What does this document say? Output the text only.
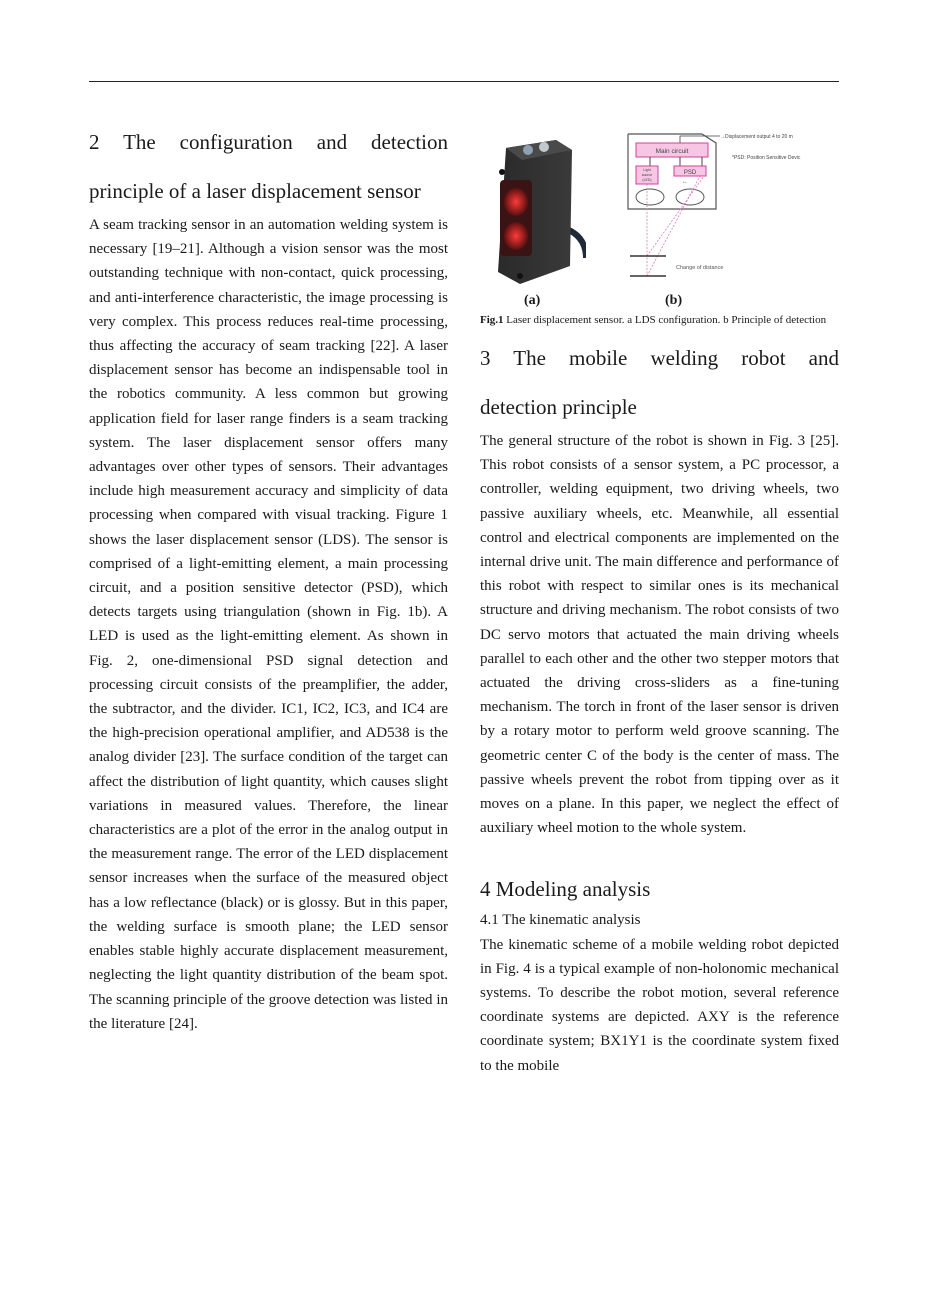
2 The configuration and detection
principle of a laser displacement sensor

A seam tracking sensor in an automation welding system is necessary [19–21]. Although a vision sensor was the most outstanding technique with non-contact, quick processing, and anti-interference characteristic, the image processing is very complex. This process reduces real-time processing, thus affecting the accuracy of seam tracking [22]. A laser displacement sensor has become an indispensable tool in the robotics community. A less common but growing application field for laser range finders is a seam tracking system. The laser displacement sensor offers many advantages over other types of sensors. Their advantages include high measurement accuracy and simplicity of data processing when compared with visual tracking. Figure 1 shows the laser displacement sensor (LDS). The sensor is comprised of a light-emitting element, a main processing circuit, and a position sensitive detector (PSD), which detects targets using triangulation (shown in Fig. 1b). A LED is used as the light-emitting element. As shown in Fig. 2, one-dimensional PSD signal detection and processing circuit consists of the preamplifier, the adder, the subtractor, and the divider. IC1, IC2, IC3, and IC4 are the high-precision operational amplifier, and AD538 is the analog divider [23]. The surface condition of the target can affect the distribution of light quantity, which causes slight variations in measured values. Therefore, the linear characteristics are a plot of the error in the analog output in the measurement range. The error of the LED displacement sensor increases when the surface of the measured object has a low reflectance (black) or is glossy. But in this paper, the welding surface is smooth plane; the LED sensor enables stable highly accurate displacement measurement, neglecting the light quantity distribution of the beam spot. The scanning principle of the groove detection was listed in the literature [24].

(a)
Main circuit
Light
source
(LED)
PSD
←
→Displacement output 4 to 20 m
*PSD: Position Sensitive Devic
Change of distance
(b)

Fig.1 Laser displacement sensor. a LDS configuration. b Principle of detection

3 The mobile welding robot and
detection principle

The general structure of the robot is shown in Fig. 3 [25]. This robot consists of a sensor system, a PC processor, a controller, welding equipment, two driving wheels, two passive auxiliary wheels, etc. Meanwhile, all essential control and electrical components are implemented on the internal drive unit. The main difference and performance of this robot with respect to similar ones is its mechanical structure and driving mechanism. The robot consists of two DC servo motors that actuated the main driving wheels parallel to each other and the other two stepper motors that actuated the driving cross-sliders as a fine-tuning mechanism. The torch in front of the laser sensor is driven by a rotary motor to perform weld groove scanning. The geometric center C of the body is the center of mass. The passive wheels prevent the robot from tipping over as it moves on a plane. In this paper, we neglect the effect of auxiliary wheel motion to the whole system.

4 Modeling analysis
4.1 The kinematic analysis

The kinematic scheme of a mobile welding robot depicted in Fig. 4 is a typical example of non-holonomic mechanical systems. To describe the robot motion, several reference coordinate systems are depicted. AXY is the reference coordinate system; BX1Y1 is the coordinate system fixed to the mobile
